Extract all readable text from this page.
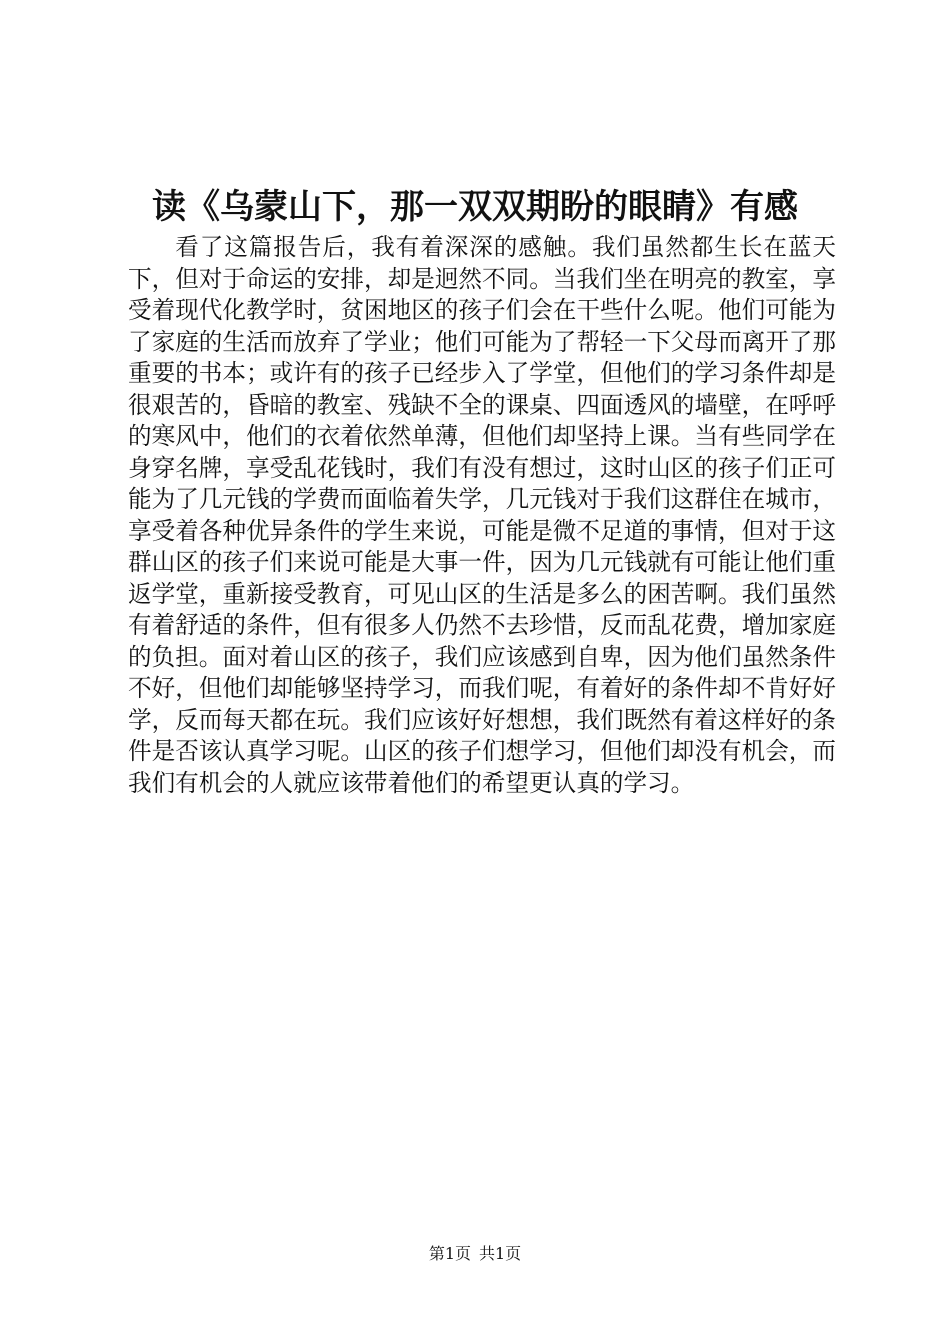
读《乌蒙山下，那一双双期盼的眼睛》有感

看了这篇报告后，我有着深深的感触。我们虽然都生长在蓝天下，但对于命运的安排，却是迥然不同。当我们坐在明亮的教室，享受着现代化教学时，贫困地区的孩子们会在干些什么呢。他们可能为了家庭的生活而放弃了学业；他们可能为了帮轻一下父母而离开了那重要的书本；或许有的孩子已经步入了学堂，但他们的学习条件却是很艰苦的，昏暗的教室、残缺不全的课桌、四面透风的墙壁，在呼呼的寒风中，他们的衣着依然单薄，但他们却坚持上课。当有些同学在身穿名牌，享受乱花钱时，我们有没有想过，这时山区的孩子们正可能为了几元钱的学费而面临着失学，几元钱对于我们这群住在城市，享受着各种优异条件的学生来说，可能是微不足道的事情，但对于这群山区的孩子们来说可能是大事一件，因为几元钱就有可能让他们重返学堂，重新接受教育，可见山区的生活是多么的困苦啊。我们虽然有着舒适的条件，但有很多人仍然不去珍惜，反而乱花费，增加家庭的负担。面对着山区的孩子，我们应该感到自卑，因为他们虽然条件不好，但他们却能够坚持学习，而我们呢，有着好的条件却不肯好好学，反而每天都在玩。我们应该好好想想，我们既然有着这样好的条件是否该认真学习呢。山区的孩子们想学习，但他们却没有机会，而我们有机会的人就应该带着他们的希望更认真的学习。

第1页 共1页
